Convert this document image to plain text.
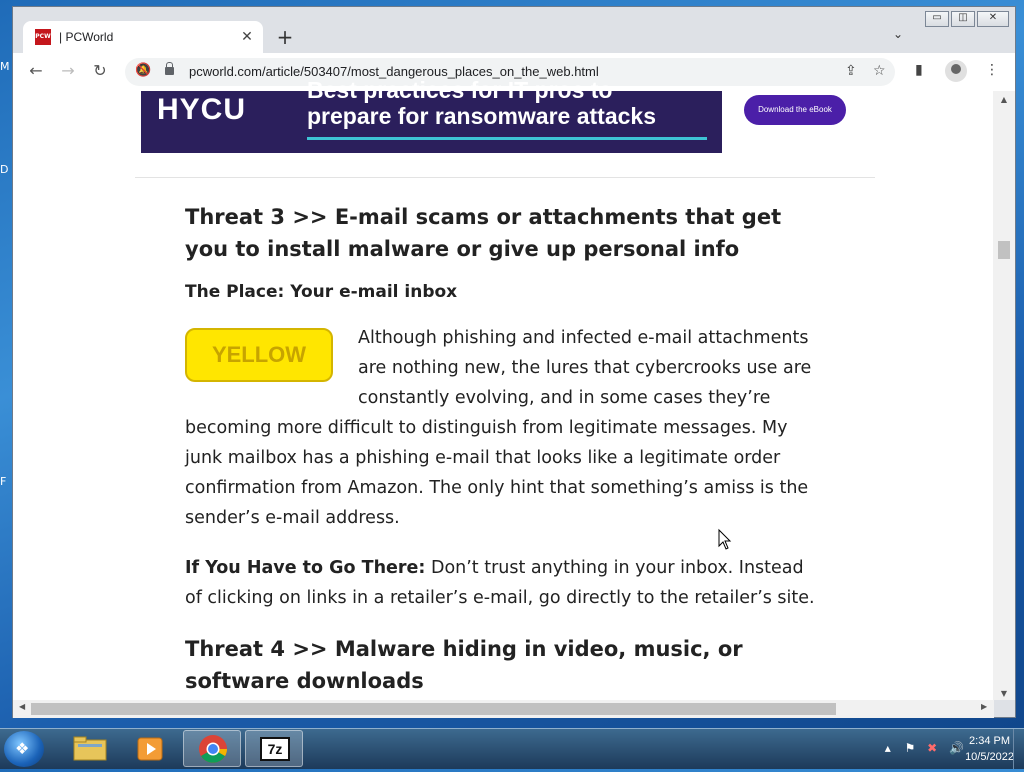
M
D
F
▭	◫	✕
PCW | PCWorld	✕ +	⌄
← → ↻	🔕	pcworld.com/article/503407/most_dangerous_places_on_the_web.html	⇪ ☆ ▮	⋮
HYCU
Best practices for IT pros to
prepare for ransomware attacks	Download the eBook
Threat 3 >> E-mail scams or attachments that get you to install malware or give up personal info
The Place: Your e-mail inbox
YELLOW
Although phishing and infected e-mail attachments are nothing new, the lures that cybercrooks use are constantly evolving, and in some cases they’re becoming more difficult to distinguish from legitimate messages. My junk mailbox has a phishing e-mail that looks like a legitimate order confirmation from Amazon. The only hint that something’s amiss is the sender’s e-mail address.
If You Have to Go There: Don’t trust anything in your inbox. Instead of clicking on links in a retailer’s e-mail, go directly to the retailer’s site.
Threat 4 >> Malware hiding in video, music, or software downloads
▲
▼
◀	▶
❖	7z	▴ ⚑ ✖ 🔊 2:34 PM
10/5/2022
